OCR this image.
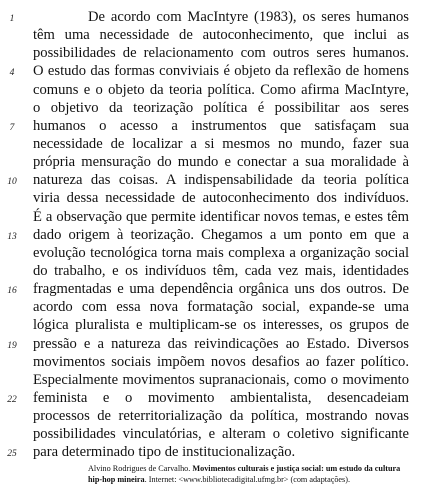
De acordo com MacIntyre (1983), os seres humanos
têm uma necessidade de autoconhecimento, que inclui as
possibilidades de relacionamento com outros seres humanos.
O estudo das formas conviviais é objeto da reflexão de homens
comuns e o objeto da teoria política. Como afirma MacIntyre,
o objetivo da teorização política é possibilitar aos seres
humanos o acesso a instrumentos que satisfaçam sua
necessidade de localizar a si mesmos no mundo, fazer sua
própria mensuração do mundo e conectar a sua moralidade à
natureza das coisas. A indispensabilidade da teoria política
viria dessa necessidade de autoconhecimento dos indivíduos.
É a observação que permite identificar novos temas, e estes têm
dado origem à teorização. Chegamos a um ponto em que a
evolução tecnológica torna mais complexa a organização social
do trabalho, e os indivíduos têm, cada vez mais, identidades
fragmentadas e uma dependência orgânica uns dos outros. De
acordo com essa nova formatação social, expande-se uma
lógica pluralista e multiplicam-se os interesses, os grupos de
pressão e a natureza das reivindicações ao Estado. Diversos
movimentos sociais impõem novos desafios ao fazer político.
Especialmente movimentos supranacionais, como o movimento
feminista e o movimento ambientalista, desencadeiam
processos de reterritorialização da política, mostrando novas
possibilidades vinculatórias, e alteram o coletivo significante
para determinado tipo de institucionalização.
1
4
7
10
13
16
19
22
25
Alvino Rodrigues de Carvalho. Movimentos culturais e justiça social: um estudo da cultura hip-hop mineira. Internet: <www.bibliotecadigital.ufmg.br> (com adaptações).
